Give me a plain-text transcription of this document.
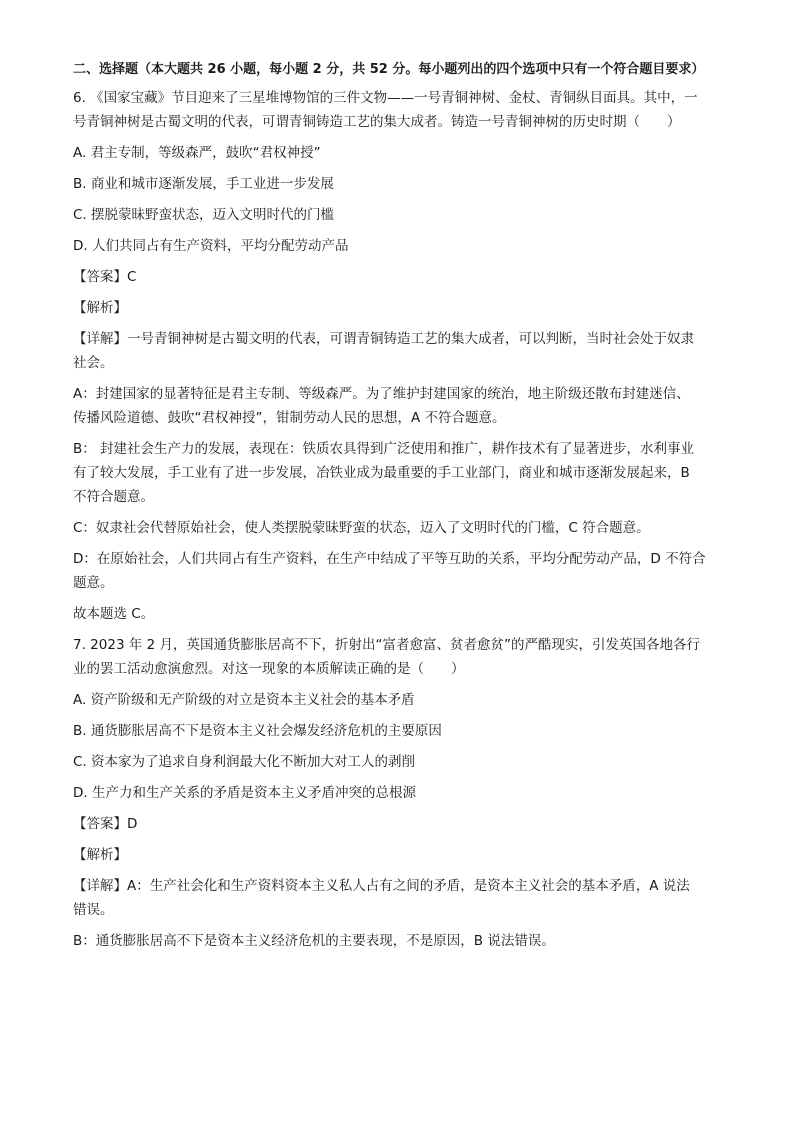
二、选择题（本大题共 26 小题，每小题 2 分，共 52 分。每小题列出的四个选项中只有一个符合题目要求）
6. 《国家宝藏》节目迎来了三星堆博物馆的三件文物——一号青铜神树、金杖、青铜纵目面具。其中，一
号青铜神树是古蜀文明的代表，可谓青铜铸造工艺的集大成者。铸造一号青铜神树的历史时期（　　）
A. 君主专制，等级森严，鼓吹“君权神授”
B. 商业和城市逐渐发展，手工业进一步发展
C. 摆脱蒙昧野蛮状态，迈入文明时代的门槛
D. 人们共同占有生产资料，平均分配劳动产品
【答案】C
【解析】
【详解】一号青铜神树是古蜀文明的代表，可谓青铜铸造工艺的集大成者，可以判断，当时社会处于奴隶
社会。
A：封建国家的显著特征是君主专制、等级森严。为了维护封建国家的统治，地主阶级还散布封建迷信、
传播风险道德、鼓吹“君权神授”，钳制劳动人民的思想，A 不符合题意。
B： 封建社会生产力的发展，表现在：铁质农具得到广泛使用和推广，耕作技术有了显著进步，水利事业
有了较大发展，手工业有了进一步发展，冶铁业成为最重要的手工业部门，商业和城市逐渐发展起来，B
不符合题意。
C：奴隶社会代替原始社会，使人类摆脱蒙昧野蛮的状态，迈入了文明时代的门槛，C 符合题意。
D：在原始社会，人们共同占有生产资料，在生产中结成了平等互助的关系，平均分配劳动产品，D 不符合
题意。
故本题选 C。
7. 2023 年 2 月，英国通货膨胀居高不下，折射出“富者愈富、贫者愈贫”的严酷现实，引发英国各地各行
业的罢工活动愈演愈烈。对这一现象的本质解读正确的是（　　）
A. 资产阶级和无产阶级的对立是资本主义社会的基本矛盾
B. 通货膨胀居高不下是资本主义社会爆发经济危机的主要原因
C. 资本家为了追求自身利润最大化不断加大对工人的剥削
D. 生产力和生产关系的矛盾是资本主义矛盾冲突的总根源
【答案】D
【解析】
【详解】A：生产社会化和生产资料资本主义私人占有之间的矛盾，是资本主义社会的基本矛盾，A 说法
错误。
B：通货膨胀居高不下是资本主义经济危机的主要表现，不是原因，B 说法错误。
